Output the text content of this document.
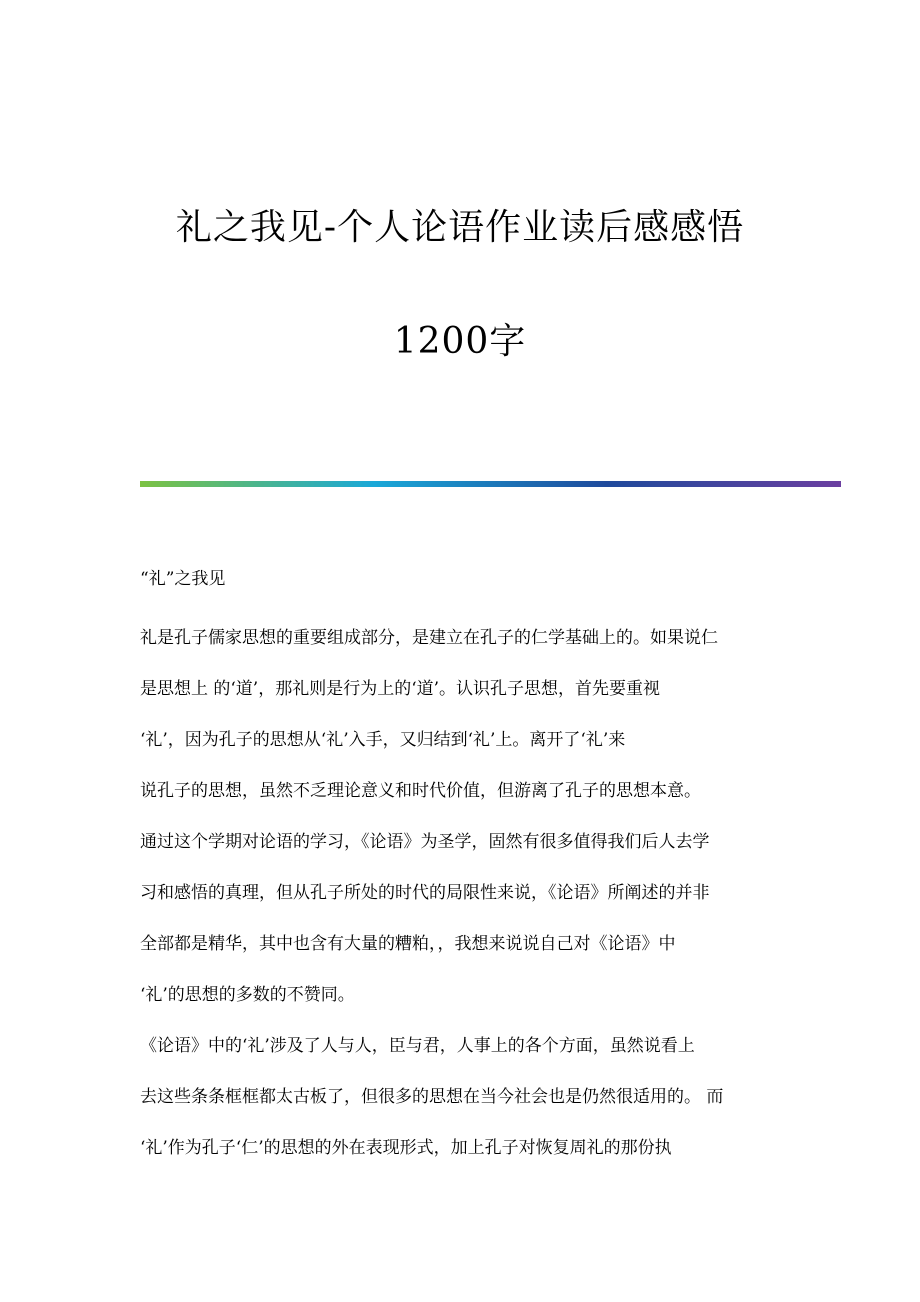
礼之我见-个人论语作业读后感感悟

1200字

“礼”之我见

礼是孔子儒家思想的重要组成部分，是建立在孔子的仁学基础上的。如果说仁
是思想上 的‘道’，那礼则是行为上的‘道’。认识孔子思想，首先要重视
‘礼’，因为孔子的思想从‘礼’入手，又归结到‘礼’上。离开了‘礼’来
说孔子的思想，虽然不乏理论意义和时代价值，但游离了孔子的思想本意。
通过这个学期对论语的学习，《论语》为圣学，固然有很多值得我们后人去学
习和感悟的真理，但从孔子所处的时代的局限性来说，《论语》所阐述的并非
全部都是精华，其中也含有大量的糟粕，，我想来说说自己对《论语》中
‘礼’的思想的多数的不赞同。
《论语》中的‘礼’涉及了人与人，臣与君，人事上的各个方面，虽然说看上
去这些条条框框都太古板了，但很多的思想在当今社会也是仍然很适用的。 而
‘礼’作为孔子‘仁’的思想的外在表现形式，加上孔子对恢复周礼的那份执
